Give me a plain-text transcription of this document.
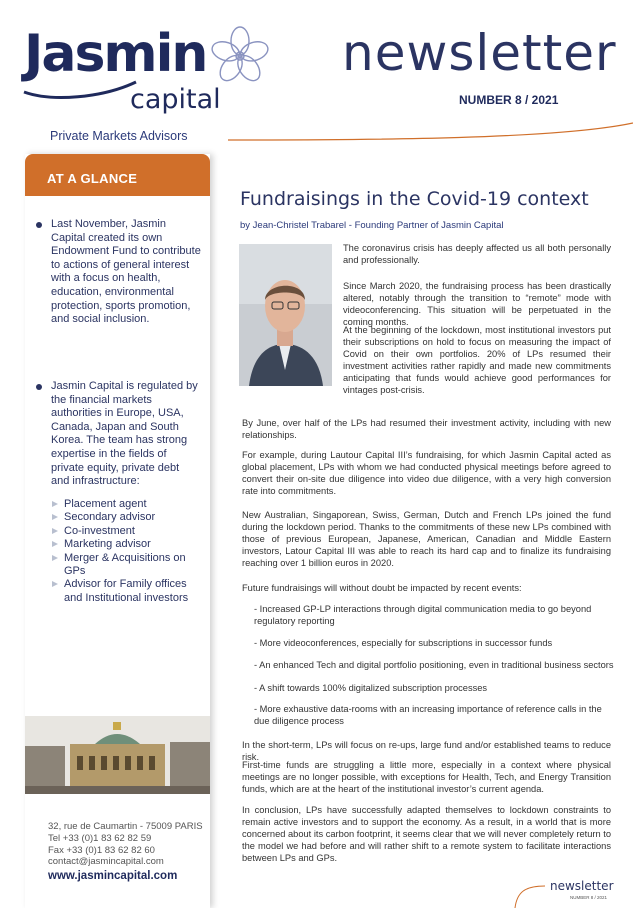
Jasmin
capital
Private Markets Advisors
newsletter
NUMBER 8 / 2021
AT A GLANCE
Last November, Jasmin Capital created its own Endowment Fund to contribute to actions of general interest with a focus on health, education, environmental protection, sports promotion, and social inclusion.
Jasmin Capital is regulated by the financial markets authorities in Europe, USA, Canada, Japan and South Korea. The team has strong expertise in the fields of private equity, private debt and infrastructure:
Placement agent
Secondary advisor
Co-investment
Marketing advisor
Merger & Acquisitions on GPs
Advisor for Family offices and Institutional investors
32, rue de Caumartin - 75009 PARIS
Tel +33 (0)1 83 62 82 59
Fax +33 (0)1 83 62 82 60
contact@jasmincapital.com
www.jasmincapital.com
Fundraisings in the Covid-19 context
by Jean-Christel Trabarel - Founding Partner of Jasmin Capital
The coronavirus crisis has deeply affected us all both personally and professionally.
Since March 2020, the fundraising process has been drastically altered, notably through the transition to “remote” mode with videoconferencing. This situation will be perpetuated in the coming months.
At the beginning of the lockdown, most institutional investors put their subscriptions on hold to focus on measuring the impact of Covid on their own portfolios. 20% of LPs resumed their investment activities rather rapidly and made new commitments anticipating that funds would achieve good performances for vintages post-crisis.
By June, over half of the LPs had resumed their investment activity, including with new relationships.
For example, during Lautour Capital III’s fundraising, for which Jasmin Capital acted as global placement, LPs with whom we had conducted physical meetings before agreed to convert their on-site due diligence into video due diligence, with a very high conversion rate into commitments.
New Australian, Singaporean, Swiss, German, Dutch and French LPs joined the fund during the lockdown period. Thanks to the commitments of these new LPs combined with those of previous European, Japanese, American, Canadian and Middle Eastern investors, Latour Capital III was able to reach its hard cap and to finalize its fundraising reaching over 1 billion euros in 2020.
Future fundraisings will without doubt be impacted by recent events:
- Increased GP-LP interactions through digital communication media to go beyond regulatory reporting
- More videoconferences, especially for subscriptions in successor funds
- An enhanced Tech and digital portfolio positioning, even in traditional business sectors
- A shift towards 100% digitalized subscription processes
- More exhaustive data-rooms with an increasing importance of reference calls in the due diligence process
In the short-term, LPs will focus on re-ups, large fund and/or established teams to reduce risk.
First-time funds are struggling a little more, especially in a context where physical meetings are no longer possible, with exceptions for Health, Tech, and Energy Transition funds, which are at the heart of the institutional investor’s current agenda.
In conclusion, LPs have successfully adapted themselves to lockdown constraints to remain active investors and to support the economy. As a result, in a world that is more concerned about its carbon footprint, it seems clear that we will never completely return to the model we had before and will rather shift to a remote system to facilitate interactions between LPs and GPs.
newsletter
NUMBER 8 / 2021
